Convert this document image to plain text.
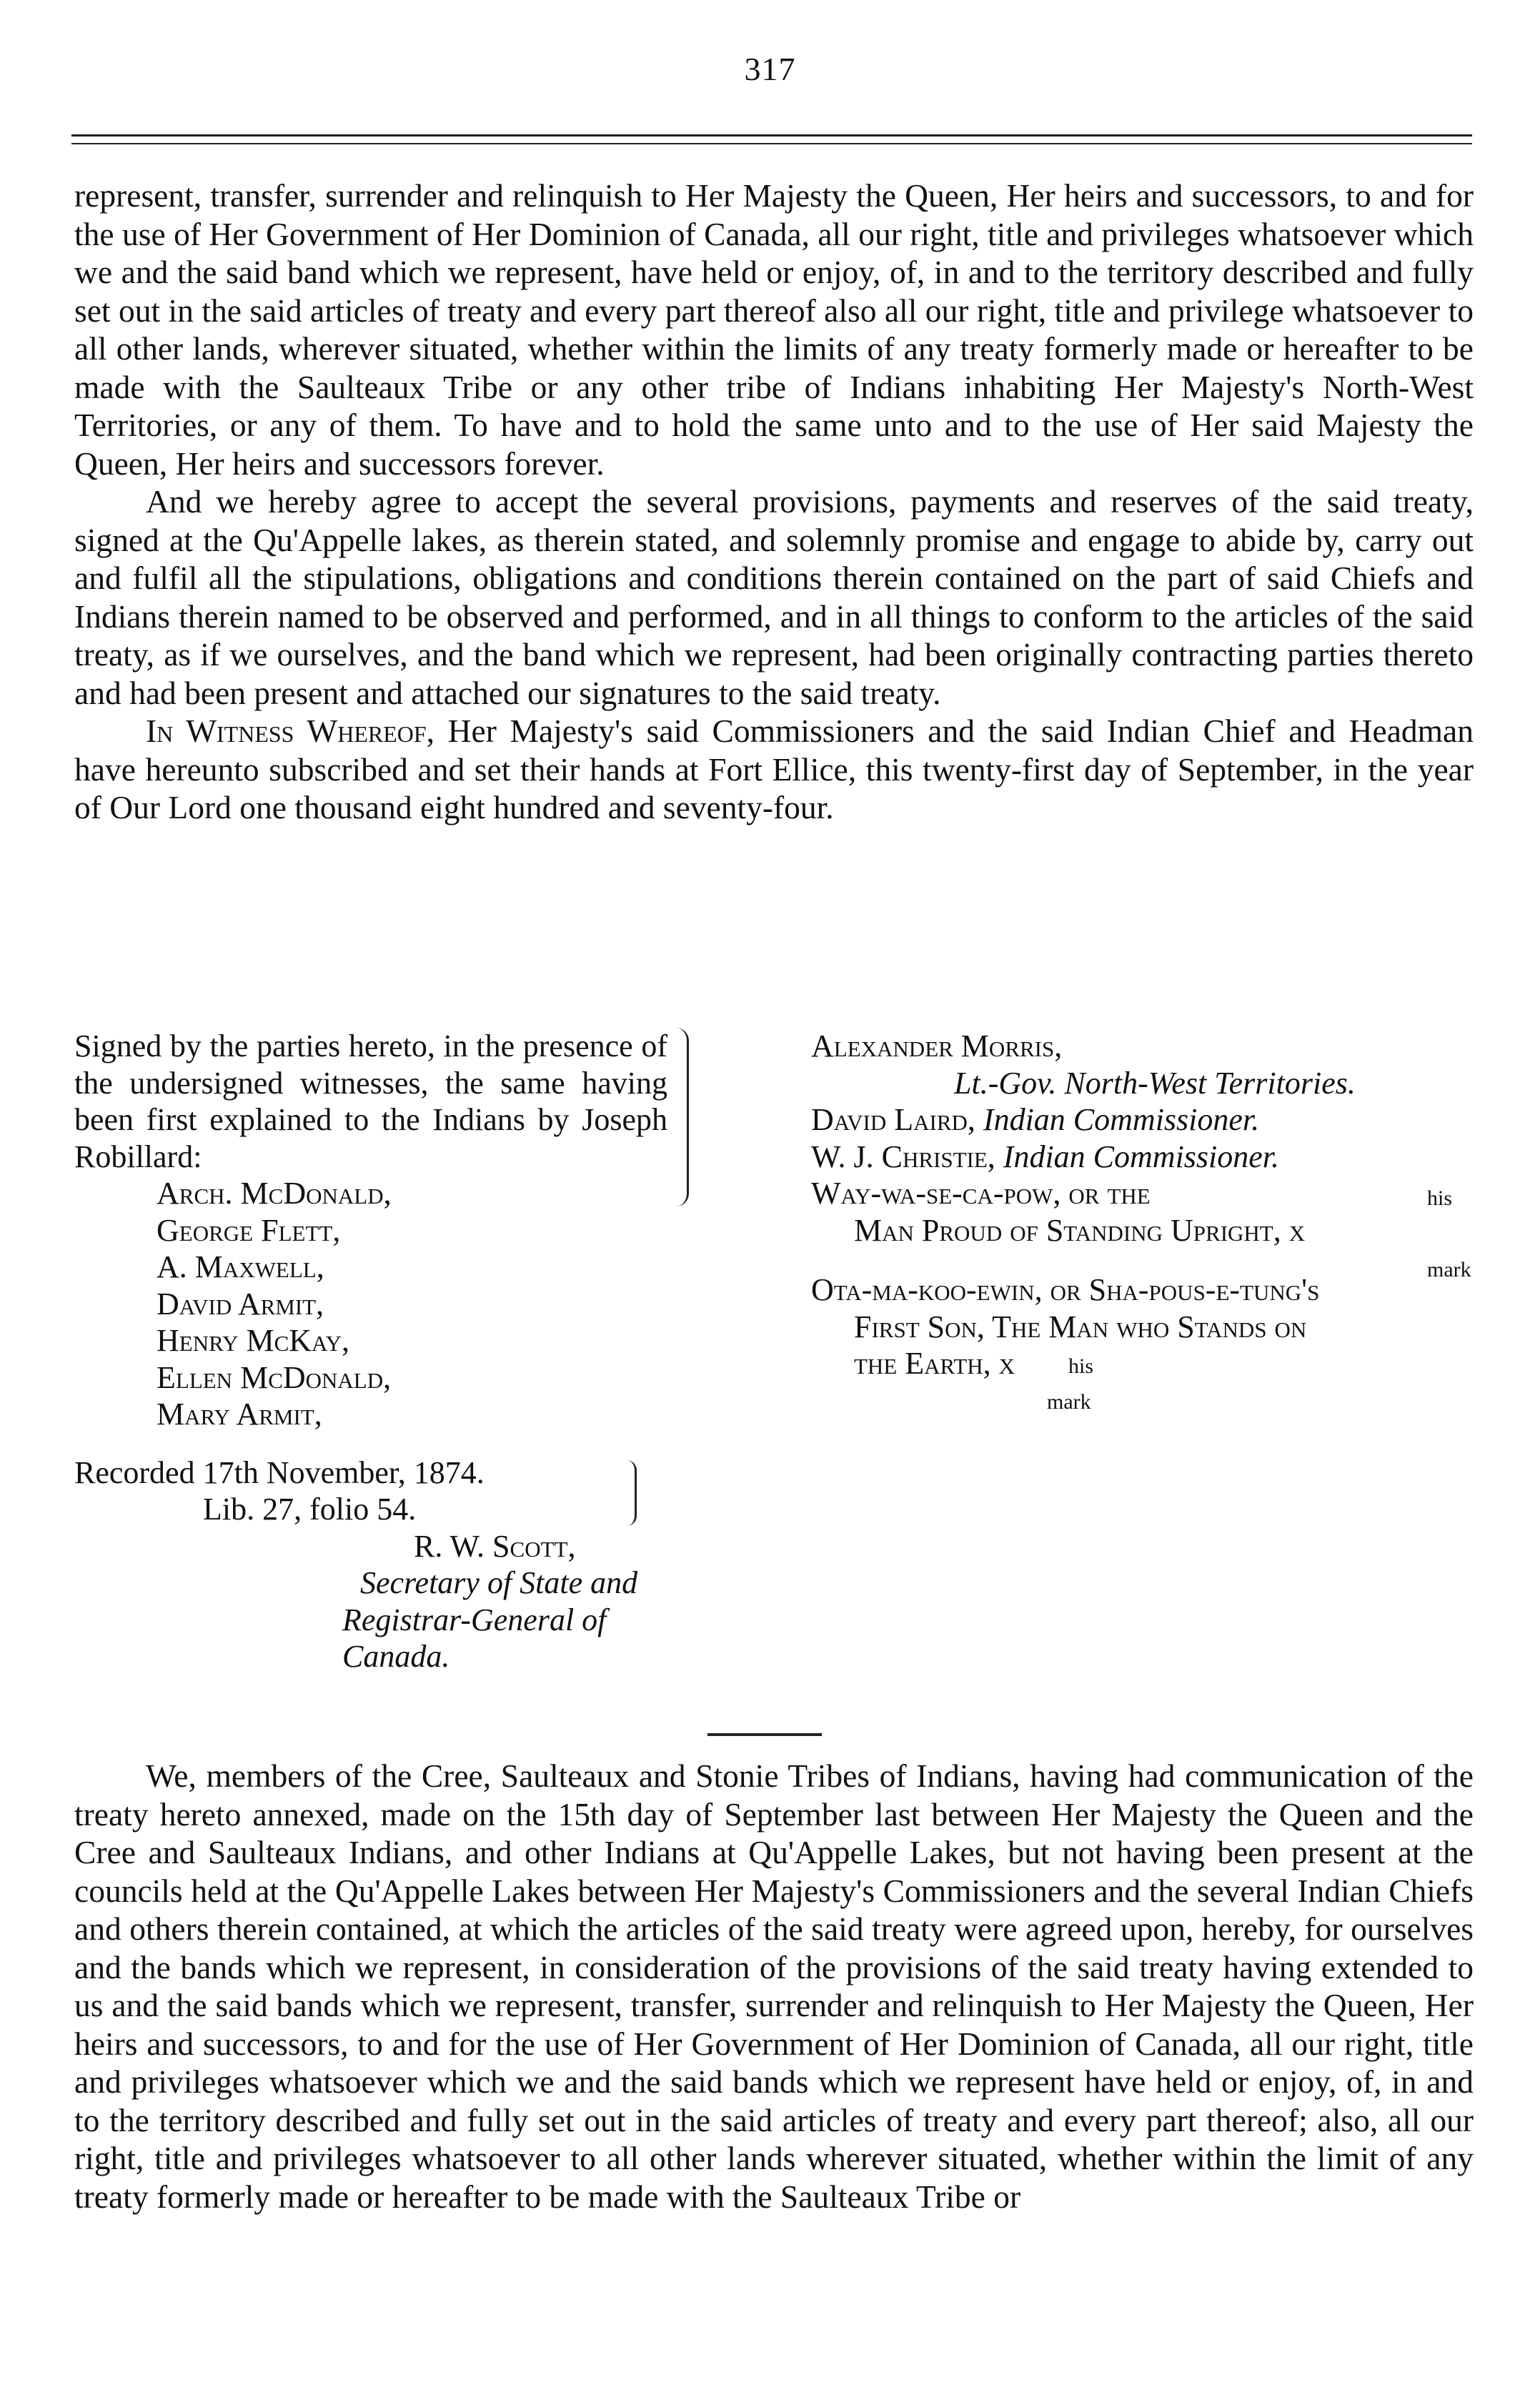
317

represent, transfer, surrender and relinquish to Her Majesty the Queen, Her heirs and successors, to and for the use of Her Government of Her Dominion of Canada, all our right, title and privileges whatsoever which we and the said band which we represent, have held or enjoy, of, in and to the territory described and fully set out in the said articles of treaty and every part thereof also all our right, title and privilege whatsoever to all other lands, wherever situated, whether within the limits of any treaty formerly made or hereafter to be made with the Saulteaux Tribe or any other tribe of Indians inhabiting Her Majesty's North-West Territories, or any of them. To have and to hold the same unto and to the use of Her said Majesty the Queen, Her heirs and successors forever.

And we hereby agree to accept the several provisions, payments and reserves of the said treaty, signed at the Qu'Appelle lakes, as therein stated, and solemnly promise and engage to abide by, carry out and fulfil all the stipulations, obligations and conditions therein contained on the part of said Chiefs and Indians therein named to be observed and performed, and in all things to conform to the articles of the said treaty, as if we ourselves, and the band which we represent, had been originally contracting parties thereto and had been present and attached our signatures to the said treaty.

In Witness Whereof, Her Majesty's said Commissioners and the said Indian Chief and Headman have hereunto subscribed and set their hands at Fort Ellice, this twenty-first day of September, in the year of Our Lord one thousand eight hundred and seventy-four.

Signed by the parties hereto, in the presence of the undersigned witnesses, the same having been first explained to the Indians by Joseph Robillard:
Arch. McDonald,
George Flett,
A. Maxwell,
David Armit,
Henry McKay,
Ellen McDonald,
Mary Armit,
Recorded 17th November, 1874.
Lib. 27, folio 54.
R. W. Scott,
Secretary of State and
Registrar-General of Canada.
Alexander Morris,
Lt.-Gov. North-West Territories.
David Laird, Indian Commissioner.
W. J. Christie, Indian Commissioner.
Way-wa-se-ca-pow, or the	his
Man Proud of Standing Upright, x
mark
Ota-ma-koo-ewin, or Sha-pous-e-tung's
First Son, The Man who Stands on
his
the Earth, x
mark

We, members of the Cree, Saulteaux and Stonie Tribes of Indians, having had communication of the treaty hereto annexed, made on the 15th day of September last between Her Majesty the Queen and the Cree and Saulteaux Indians, and other Indians at Qu'Appelle Lakes, but not having been present at the councils held at the Qu'Appelle Lakes between Her Majesty's Commissioners and the several Indian Chiefs and others therein contained, at which the articles of the said treaty were agreed upon, hereby, for ourselves and the bands which we represent, in consideration of the provisions of the said treaty having extended to us and the said bands which we represent, transfer, surrender and relinquish to Her Majesty the Queen, Her heirs and successors, to and for the use of Her Government of Her Dominion of Canada, all our right, title and privileges whatsoever which we and the said bands which we represent have held or enjoy, of, in and to the territory described and fully set out in the said articles of treaty and every part thereof; also, all our right, title and privileges whatsoever to all other lands wherever situated, whether within the limit of any treaty formerly made or hereafter to be made with the Saulteaux Tribe or
